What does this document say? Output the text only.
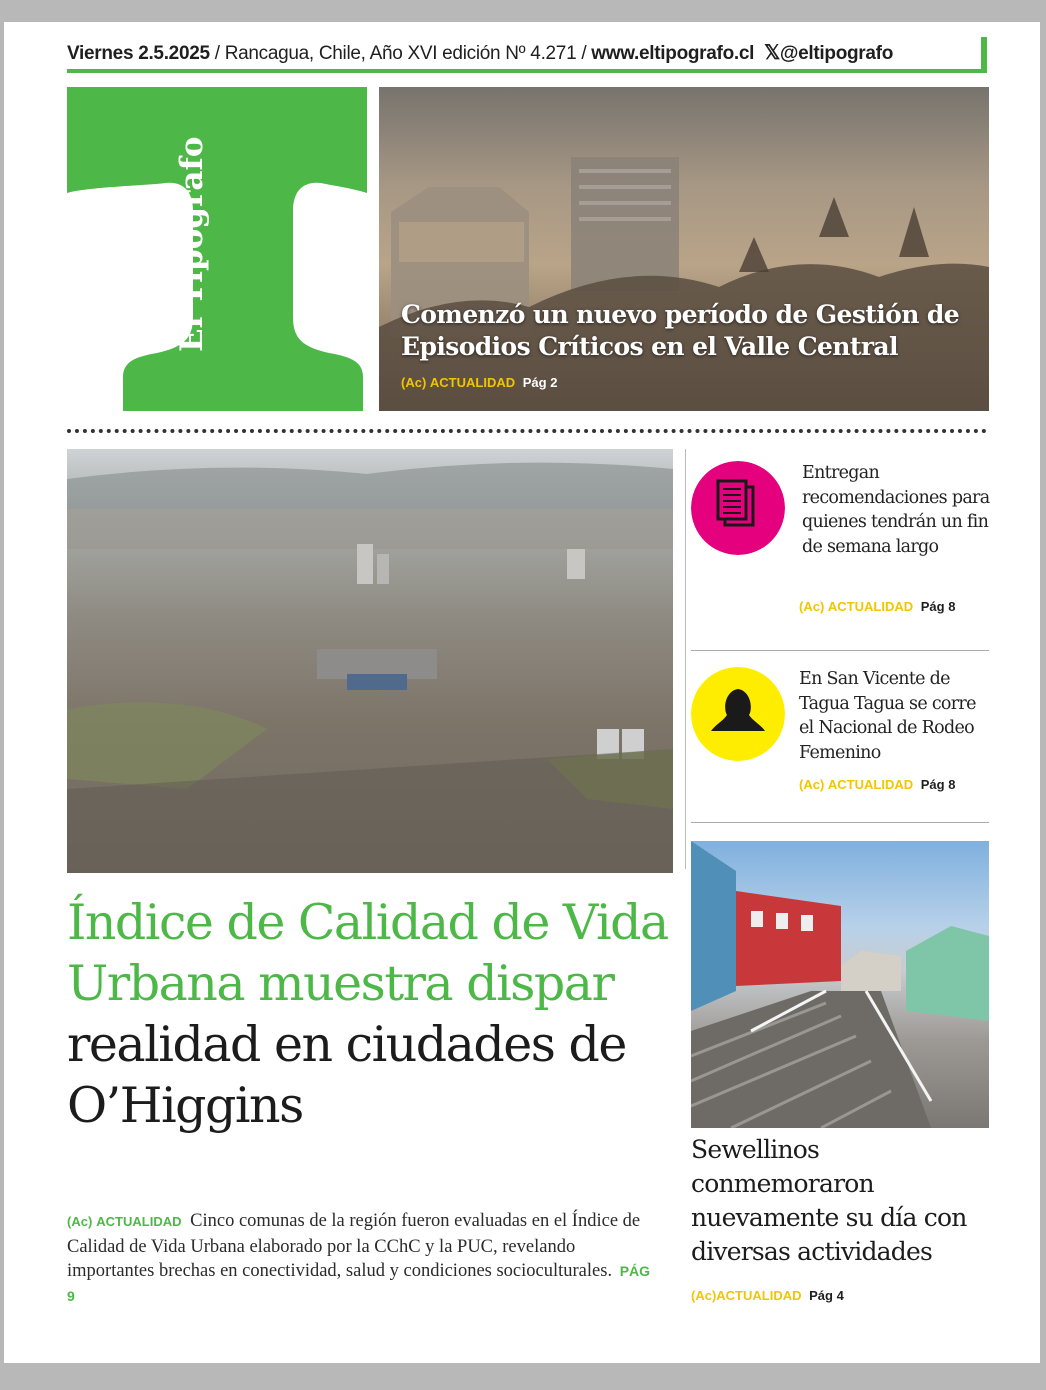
Viernes 2.5.2025 / Rancagua, Chile, Año XVI edición Nº 4.271 / www.eltipografo.cl 𝕏@eltipografo
El Tipógrafo	Comenzó un nuevo período de Gestión de Episodios Críticos en el Valle Central
(Ac) ACTUALIDAD Pág 2
Índice de Calidad de Vida Urbana muestra dispar realidad en ciudades de O’Higgins
(Ac) ACTUALIDAD Cinco comunas de la región fueron evaluadas en el Índice de Calidad de Vida Urbana elaborado por la CChC y la PUC, revelando importantes brechas en conectividad, salud y condiciones socioculturales. PÁG 9
Entregan recomendaciones para quienes tendrán un fin de semana largo
(Ac) ACTUALIDAD Pág 8
En San Vicente de Tagua Tagua se corre el Nacional de Rodeo Femenino
(Ac) ACTUALIDAD Pág 8
Sewellinos conmemoraron nuevamente su día con diversas actividades
(Ac)ACTUALIDAD Pág 4
